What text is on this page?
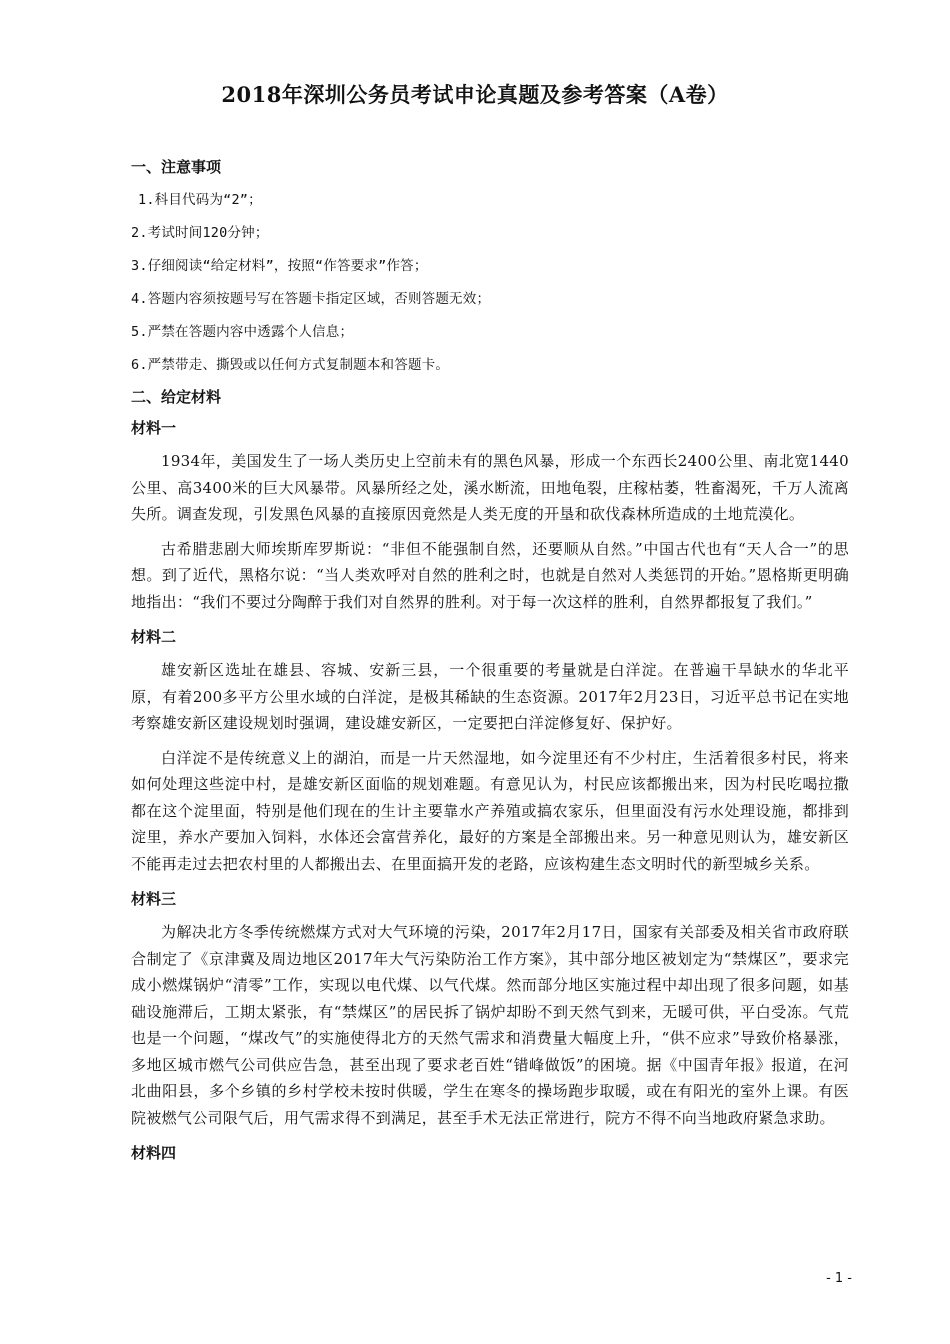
2018年深圳公务员考试申论真题及参考答案（A卷）
一、注意事项
1.科目代码为“2”；
2.考试时间120分钟；
3.仔细阅读“给定材料”，按照“作答要求”作答；
4.答题内容须按题号写在答题卡指定区域，否则答题无效；
5.严禁在答题内容中透露个人信息；
6.严禁带走、撕毁或以任何方式复制题本和答题卡。
二、给定材料
材料一

1934年，美国发生了一场人类历史上空前未有的黑色风暴，形成一个东西长2400公里、南北宽1440公里、高3400米的巨大风暴带。风暴所经之处，溪水断流，田地龟裂，庄稼枯萎，牲畜渴死，千万人流离失所。调查发现，引发黑色风暴的直接原因竟然是人类无度的开垦和砍伐森林所造成的土地荒漠化。

古希腊悲剧大师埃斯库罗斯说：“非但不能强制自然，还要顺从自然。”中国古代也有“天人合一”的思想。到了近代，黑格尔说：“当人类欢呼对自然的胜利之时，也就是自然对人类惩罚的开始。”恩格斯更明确地指出：“我们不要过分陶醉于我们对自然界的胜利。对于每一次这样的胜利，自然界都报复了我们。”

材料二

雄安新区选址在雄县、容城、安新三县，一个很重要的考量就是白洋淀。在普遍干旱缺水的华北平原，有着200多平方公里水域的白洋淀，是极其稀缺的生态资源。2017年2月23日，习近平总书记在实地考察雄安新区建设规划时强调，建设雄安新区，一定要把白洋淀修复好、保护好。

白洋淀不是传统意义上的湖泊，而是一片天然湿地，如今淀里还有不少村庄，生活着很多村民，将来如何处理这些淀中村，是雄安新区面临的规划难题。有意见认为，村民应该都搬出来，因为村民吃喝拉撒都在这个淀里面，特别是他们现在的生计主要靠水产养殖或搞农家乐，但里面没有污水处理设施，都排到淀里，养水产要加入饲料，水体还会富营养化，最好的方案是全部搬出来。另一种意见则认为，雄安新区不能再走过去把农村里的人都搬出去、在里面搞开发的老路，应该构建生态文明时代的新型城乡关系。

材料三

为解决北方冬季传统燃煤方式对大气环境的污染，2017年2月17日，国家有关部委及相关省市政府联合制定了《京津冀及周边地区2017年大气污染防治工作方案》，其中部分地区被划定为“禁煤区”，要求完成小燃煤锅炉“清零”工作，实现以电代煤、以气代煤。然而部分地区实施过程中却出现了很多问题，如基础设施滞后，工期太紧张，有“禁煤区”的居民拆了锅炉却盼不到天然气到来，无暖可供，平白受冻。气荒也是一个问题，“煤改气”的实施使得北方的天然气需求和消费量大幅度上升，“供不应求”导致价格暴涨，多地区城市燃气公司供应告急，甚至出现了要求老百姓“错峰做饭”的困境。据《中国青年报》报道，在河北曲阳县，多个乡镇的乡村学校未按时供暖，学生在寒冬的操场跑步取暖，或在有阳光的室外上课。有医院被燃气公司限气后，用气需求得不到满足，甚至手术无法正常进行，院方不得不向当地政府紧急求助。

材料四
- 1 -
